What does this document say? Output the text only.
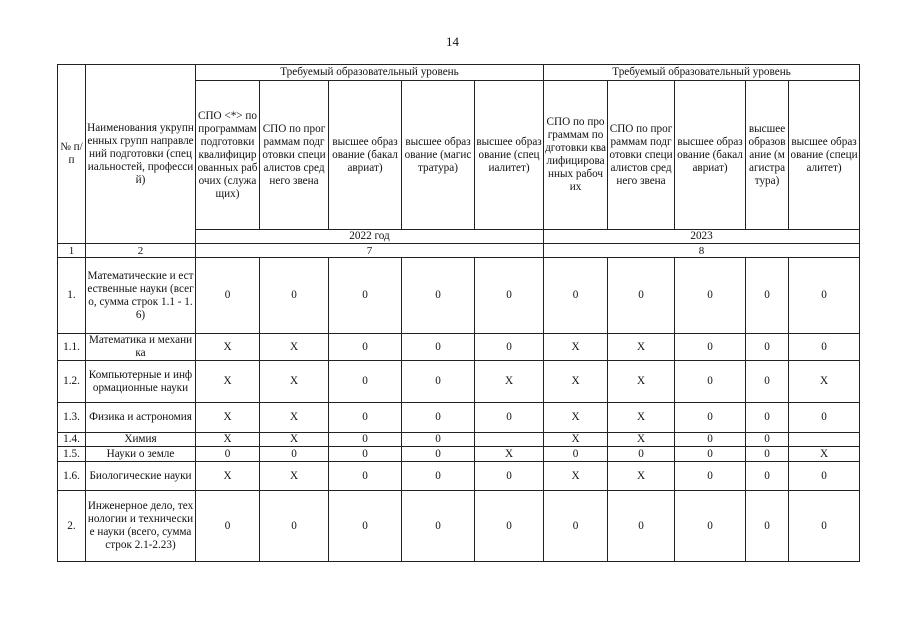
14
№ п/п	Наименования укрупненных групп направлений подготовки (специальностей, профессий)	Требуемый образовательный уровень					Требуемый образовательный уровень				
		СПО <*> по программам подготовки квалифицированных рабочих (служащих)	СПО по программам подготовки специалистов среднего звена	высшее образование (бакалавриат)	высшее образование (магистратура)	высшее образование (специалитет)	СПО по программам подготовки квалифицированных рабочих	СПО по программам подготовки специалистов среднего звена	высшее образование (бакалавриат)	высшее образование (магистратура)	высшее образование (специалитет)
		2022 год					2023				
1	2	7					8				
1.	Математические и естественные науки (всего, сумма строк 1.1 - 1.6)	0	0	0	0	0	0	0	0	0	0
1.1.	Математика и механика	X	X	0	0	0	X	X	0	0	0
1.2.	Компьютерные и информационные науки	X	X	0	0	X	X	X	0	0	X
1.3.	Физика и астрономия	X	X	0	0	0	X	X	0	0	0
1.4.	Химия	X	X	0	0		X	X	0	0	
1.5.	Науки о земле	0	0	0	0	X	0	0	0	0	X
1.6.	Биологические науки	X	X	0	0	0	X	X	0	0	0
2.	Инженерное дело, технологии и технические науки (всего, сумма строк 2.1-2.23)	0	0	0	0	0	0	0	0	0	0
